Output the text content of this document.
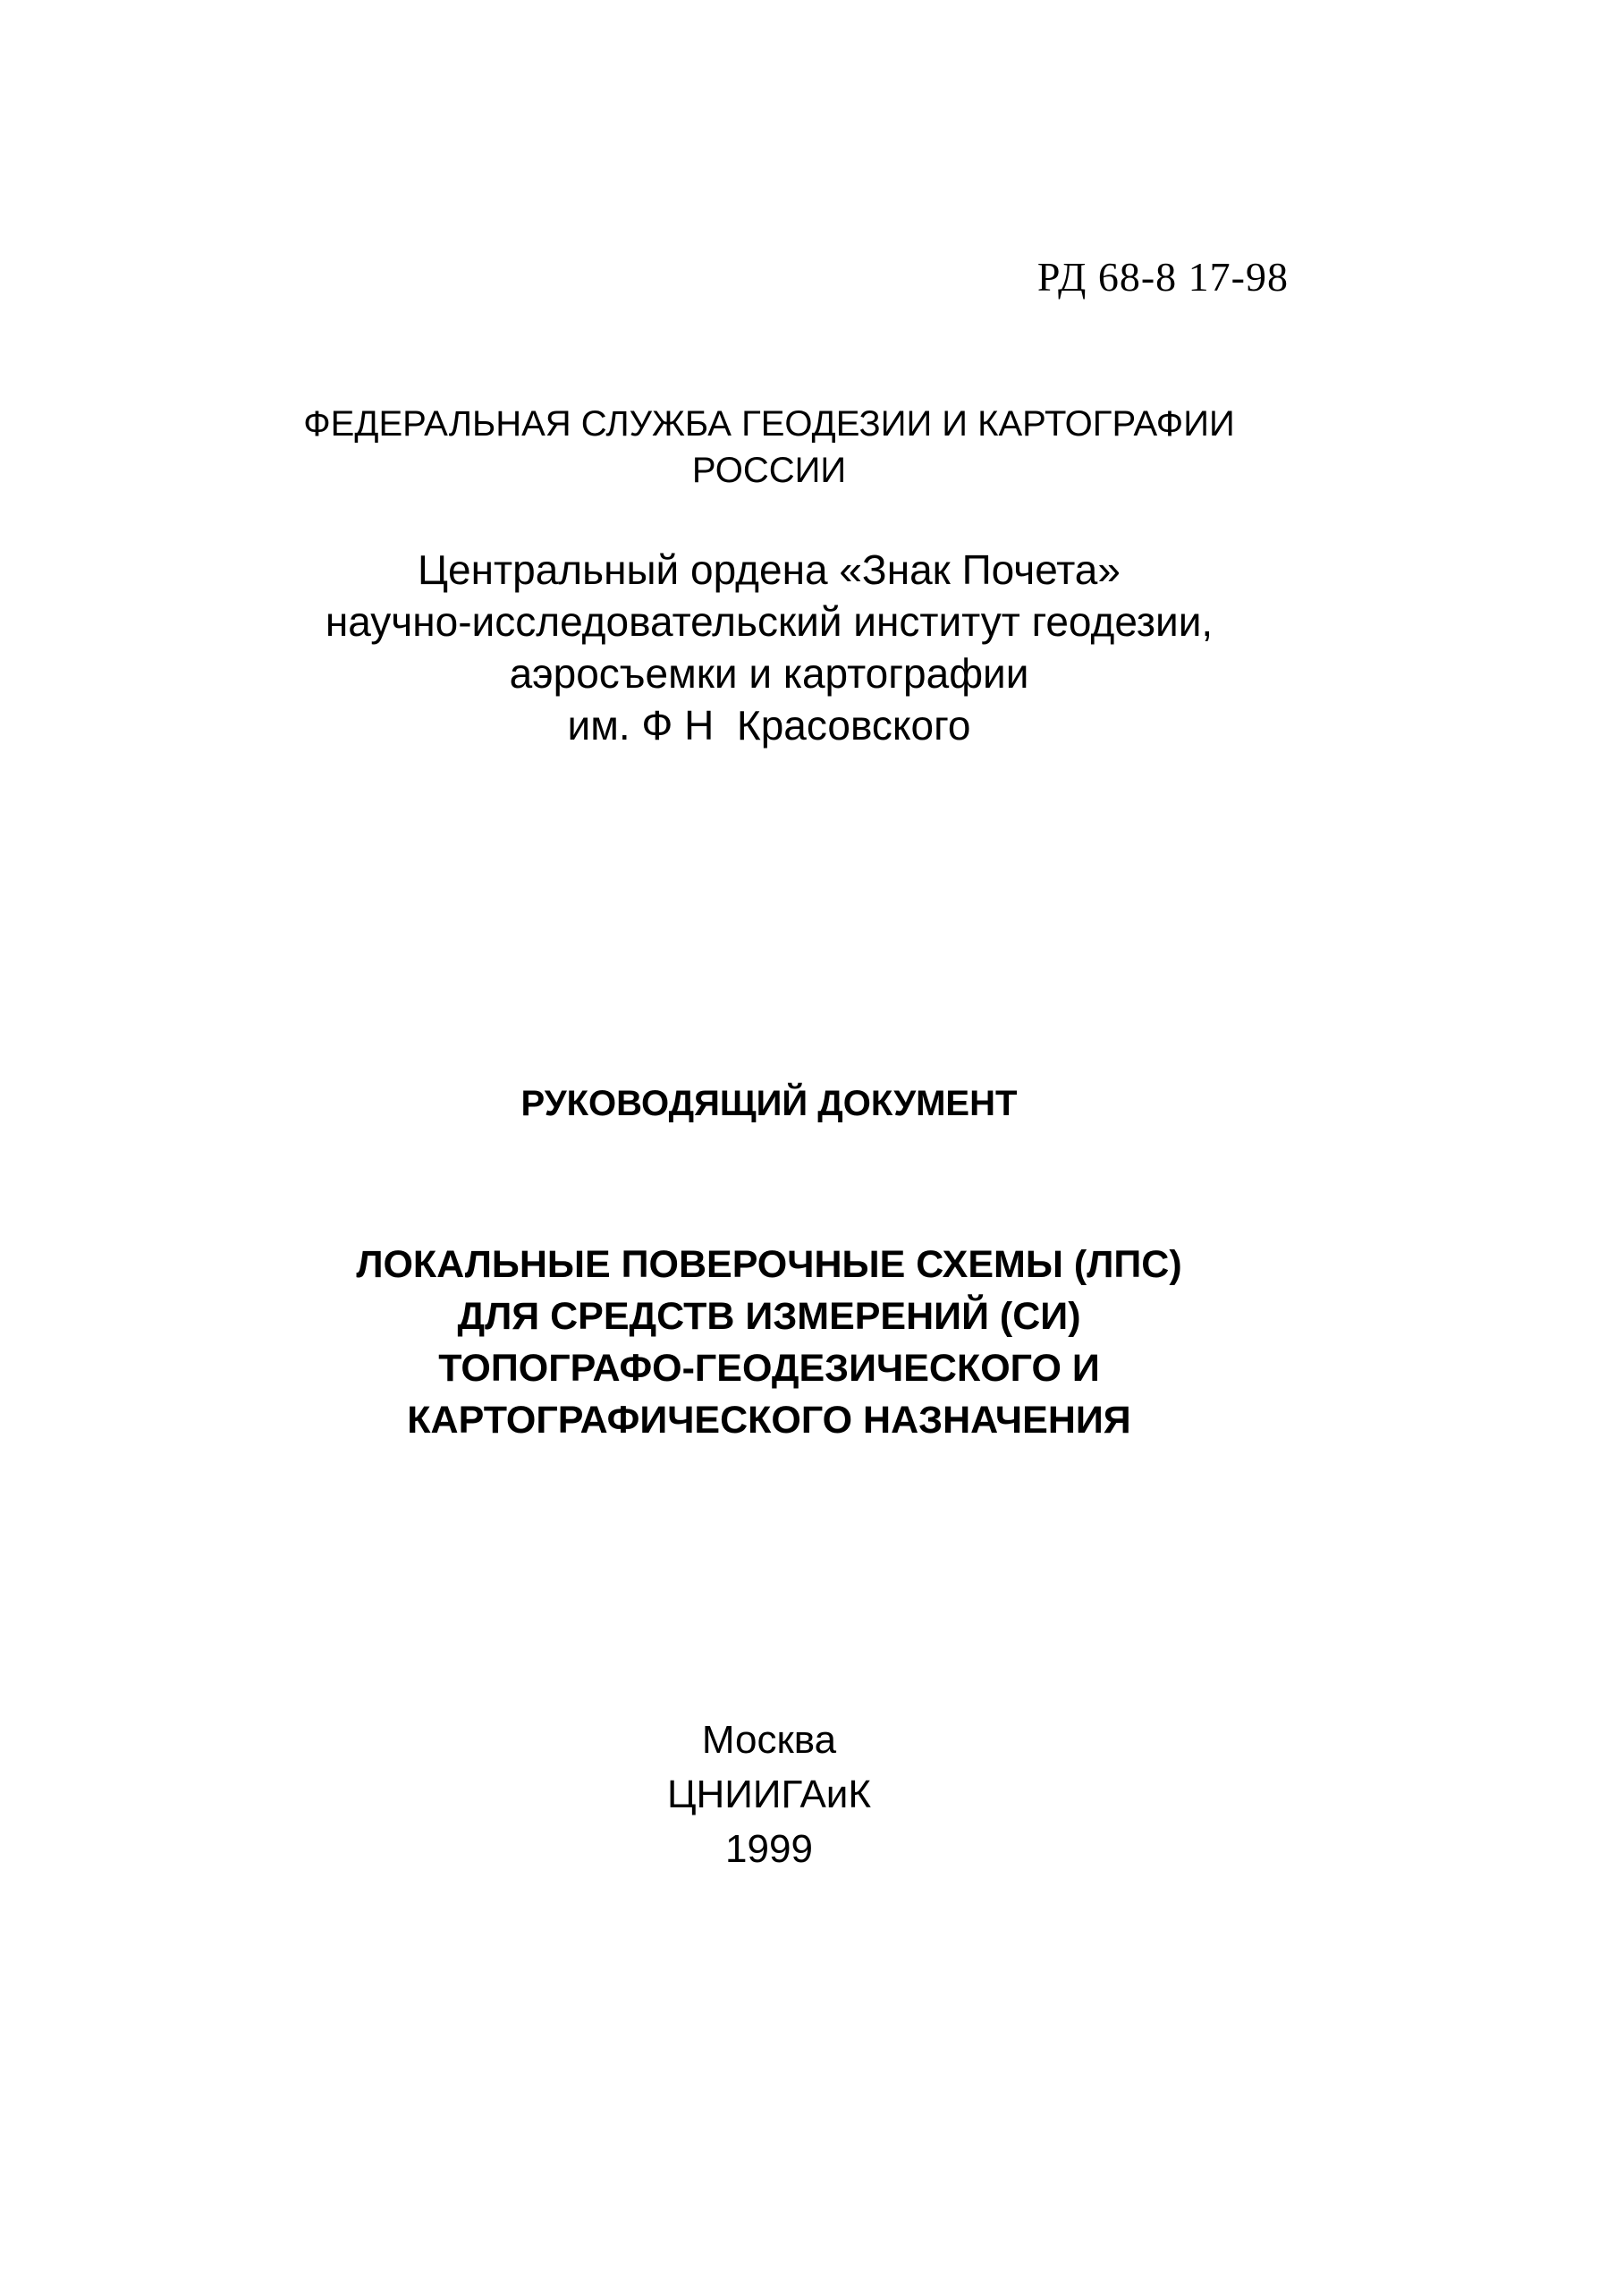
РД 68-8 17-98
ФЕДЕРАЛЬНАЯ СЛУЖБА ГЕОДЕЗИИ И КАРТОГРАФИИ
РОССИИ
Центральный ордена «Знак Почета»
научно-исследовательский институт геодезии,
аэросъемки и картографии
им. Ф Н  Красовского
РУКОВОДЯЩИЙ ДОКУМЕНТ
ЛОКАЛЬНЫЕ ПОВЕРОЧНЫЕ СХЕМЫ (ЛПС)
ДЛЯ СРЕДСТВ ИЗМЕРЕНИЙ (СИ)
ТОПОГРАФО-ГЕОДЕЗИЧЕСКОГО И
КАРТОГРАФИЧЕСКОГО НАЗНАЧЕНИЯ
Москва
ЦНИИГАиК
1999
